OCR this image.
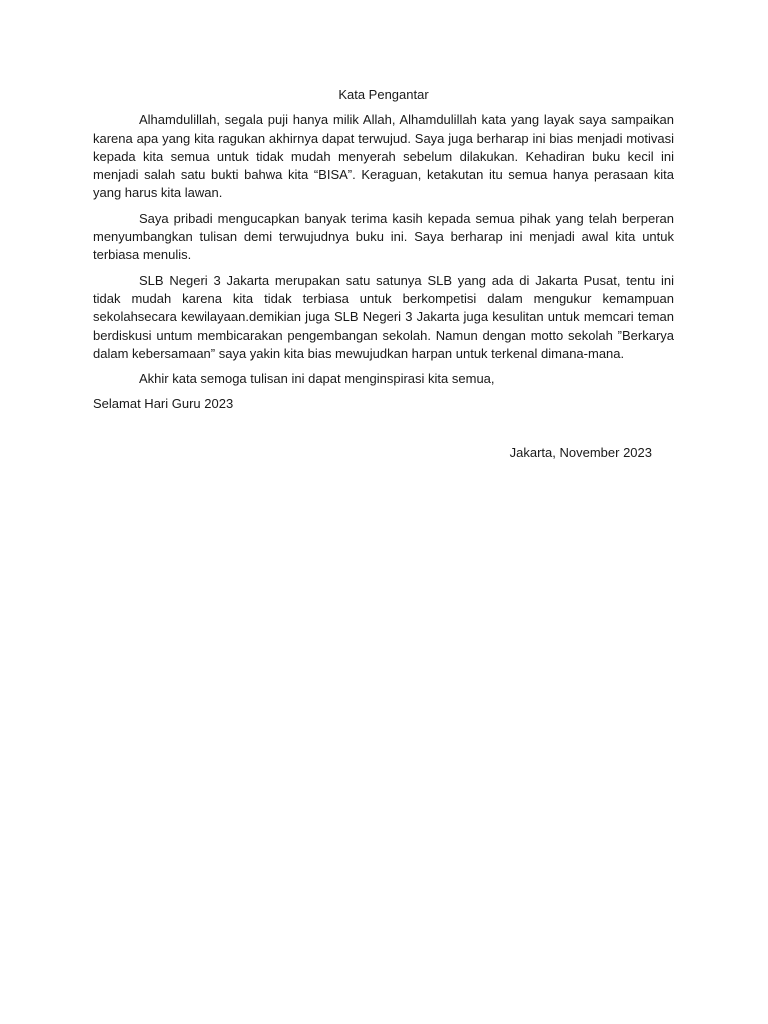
Kata Pengantar

Alhamdulillah, segala puji hanya milik Allah, Alhamdulillah kata yang layak saya sampaikan karena apa yang kita ragukan akhirnya dapat terwujud. Saya juga berharap ini bias menjadi motivasi kepada kita semua untuk tidak mudah menyerah sebelum dilakukan. Kehadiran buku kecil ini menjadi salah satu bukti bahwa kita “BISA”. Keraguan, ketakutan itu semua hanya perasaan kita yang harus kita lawan.

Saya pribadi mengucapkan banyak terima kasih kepada semua pihak yang telah berperan menyumbangkan tulisan demi terwujudnya buku ini. Saya berharap ini menjadi awal kita untuk terbiasa menulis.

SLB Negeri 3 Jakarta merupakan satu satunya SLB yang ada di Jakarta Pusat, tentu ini tidak mudah karena kita tidak terbiasa untuk berkompetisi dalam mengukur kemampuan sekolahsecara kewilayaan.demikian juga SLB Negeri 3 Jakarta juga kesulitan untuk memcari teman berdiskusi untum membicarakan pengembangan sekolah. Namun dengan motto sekolah ”Berkarya dalam kebersamaan” saya yakin kita bias mewujudkan harpan untuk terkenal dimana-mana.

Akhir kata semoga tulisan ini dapat menginspirasi kita semua,

Selamat Hari Guru 2023

Jakarta, November 2023
